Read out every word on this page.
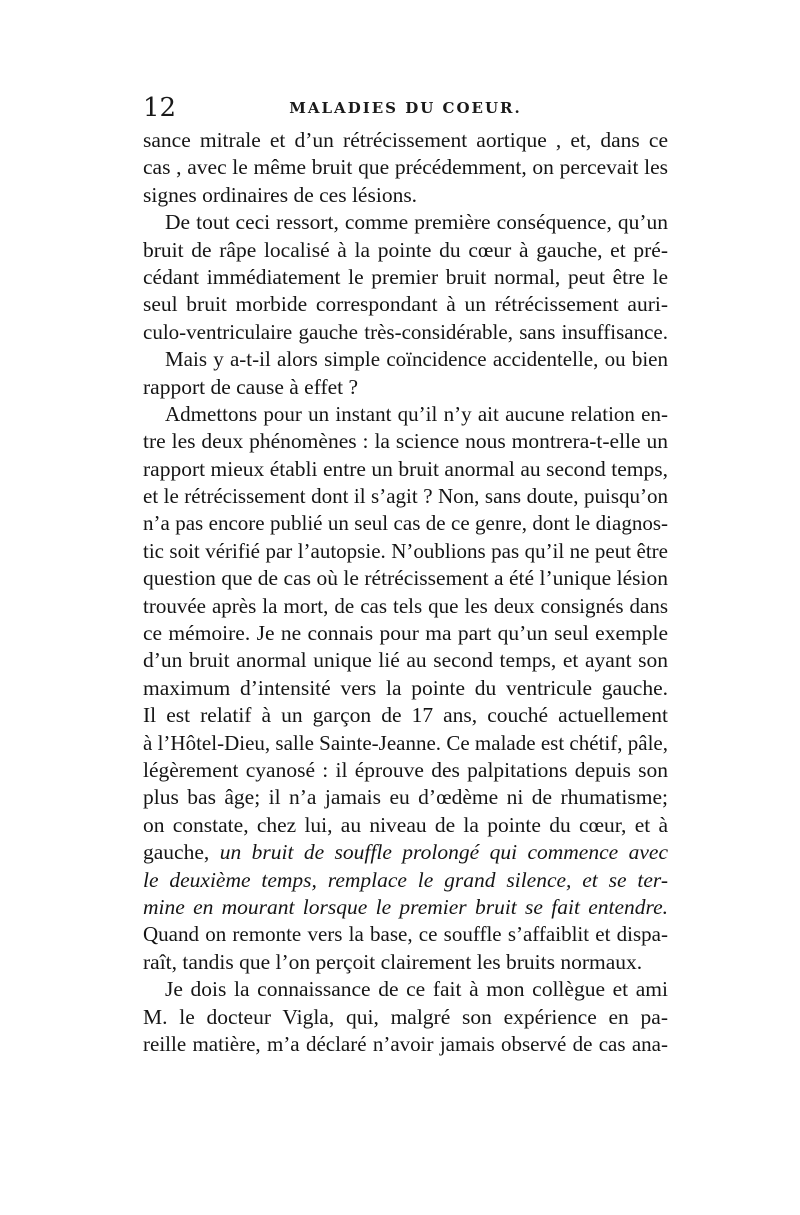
12	MALADIES DU COEUR.
sance mitrale et d’un rétrécissement aortique , et, dans ce
cas , avec le même bruit que précédemment, on percevait les
signes ordinaires de ces lésions.
De tout ceci ressort, comme première conséquence, qu’un
bruit de râpe localisé à la pointe du cœur à gauche, et pré-
cédant immédiatement le premier bruit normal, peut être le
seul bruit morbide correspondant à un rétrécissement auri-
culo-ventriculaire gauche très-considérable, sans insuffisance.
Mais y a-t-il alors simple coïncidence accidentelle, ou bien
rapport de cause à effet ?
Admettons pour un instant qu’il n’y ait aucune relation en-
tre les deux phénomènes : la science nous montrera-t-elle un
rapport mieux établi entre un bruit anormal au second temps,
et le rétrécissement dont il s’agit ? Non, sans doute, puisqu’on
n’a pas encore publié un seul cas de ce genre, dont le diagnos-
tic soit vérifié par l’autopsie. N’oublions pas qu’il ne peut être
question que de cas où le rétrécissement a été l’unique lésion
trouvée après la mort, de cas tels que les deux consignés dans
ce mémoire. Je ne connais pour ma part qu’un seul exemple
d’un bruit anormal unique lié au second temps, et ayant son
maximum d’intensité vers la pointe du ventricule gauche.
Il est relatif à un garçon de 17 ans, couché actuellement
à l’Hôtel-Dieu, salle Sainte-Jeanne. Ce malade est chétif, pâle,
légèrement cyanosé : il éprouve des palpitations depuis son
plus bas âge; il n’a jamais eu d’œdème ni de rhumatisme;
on constate, chez lui, au niveau de la pointe du cœur, et à
gauche, un bruit de souffle prolongé qui commence avec
le deuxième temps, remplace le grand silence, et se ter-
mine en mourant lorsque le premier bruit se fait entendre.
Quand on remonte vers la base, ce souffle s’affaiblit et dispa-
raît, tandis que l’on perçoit clairement les bruits normaux.
Je dois la connaissance de ce fait à mon collègue et ami
M. le docteur Vigla, qui, malgré son expérience en pa-
reille matière, m’a déclaré n’avoir jamais observé de cas ana-
